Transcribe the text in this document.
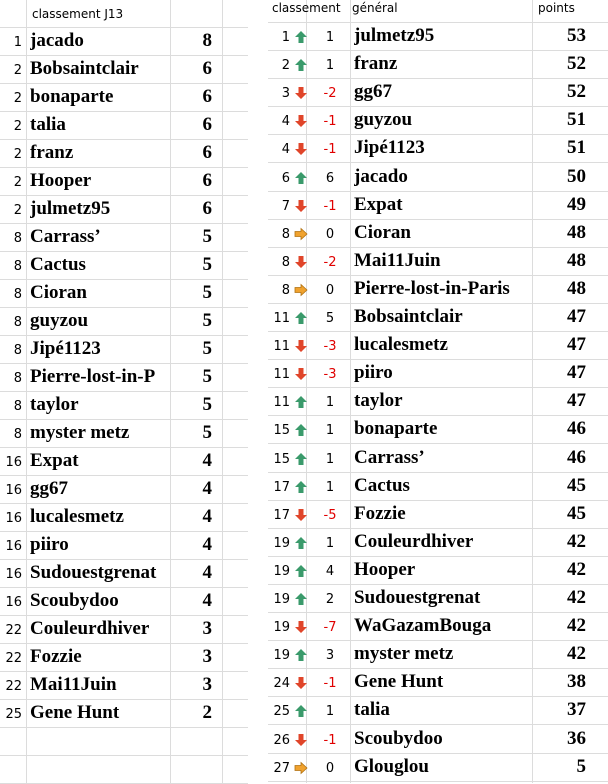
classement J13
1 jacado	8
2 Bobsaintclair	6
2 bonaparte	6
2 talia	6
2 franz	6
2 Hooper	6
2 julmetz95	6
8 Carrass’	5
8 Cactus	5
8 Cioran	5
8 guyzou	5
8 Jipé1123	5
8 Pierre-lost-in-P	5
8 taylor	5
8 myster metz	5
16 Expat	4
16 gg67	4
16 lucalesmetz	4
16 piiro	4
16 Sudouestgrenat	4
16 Scoubydoo	4
22 Couleurdhiver	3
22 Fozzie	3
22 Mai11Juin	3
25 Gene Hunt	2
classement général	points
1	1	julmetz95	53
2	1	franz	52
3	-2 gg67	52
4	-1 guyzou	51
4	-1 Jipé1123	51
6	6	jacado	50
7	-1 Expat	49
8	0	Cioran	48
8	-2 Mai11Juin	48
8	0	Pierre-lost-in-Paris	48
11	5	Bobsaintclair	47
11	-3 lucalesmetz	47
11	-3 piiro	47
11	1	taylor	47
15	1	bonaparte	46
15	1	Carrass’	46
17	1	Cactus	45
17	-5 Fozzie	45
19	1	Couleurdhiver	42
19	4	Hooper	42
19	2	Sudouestgrenat	42
19	-7 WaGazamBouga	42
19	3	myster metz	42
24	-1 Gene Hunt	38
25	1	talia	37
26	-1 Scoubydoo	36
27	0	Glouglou	5
